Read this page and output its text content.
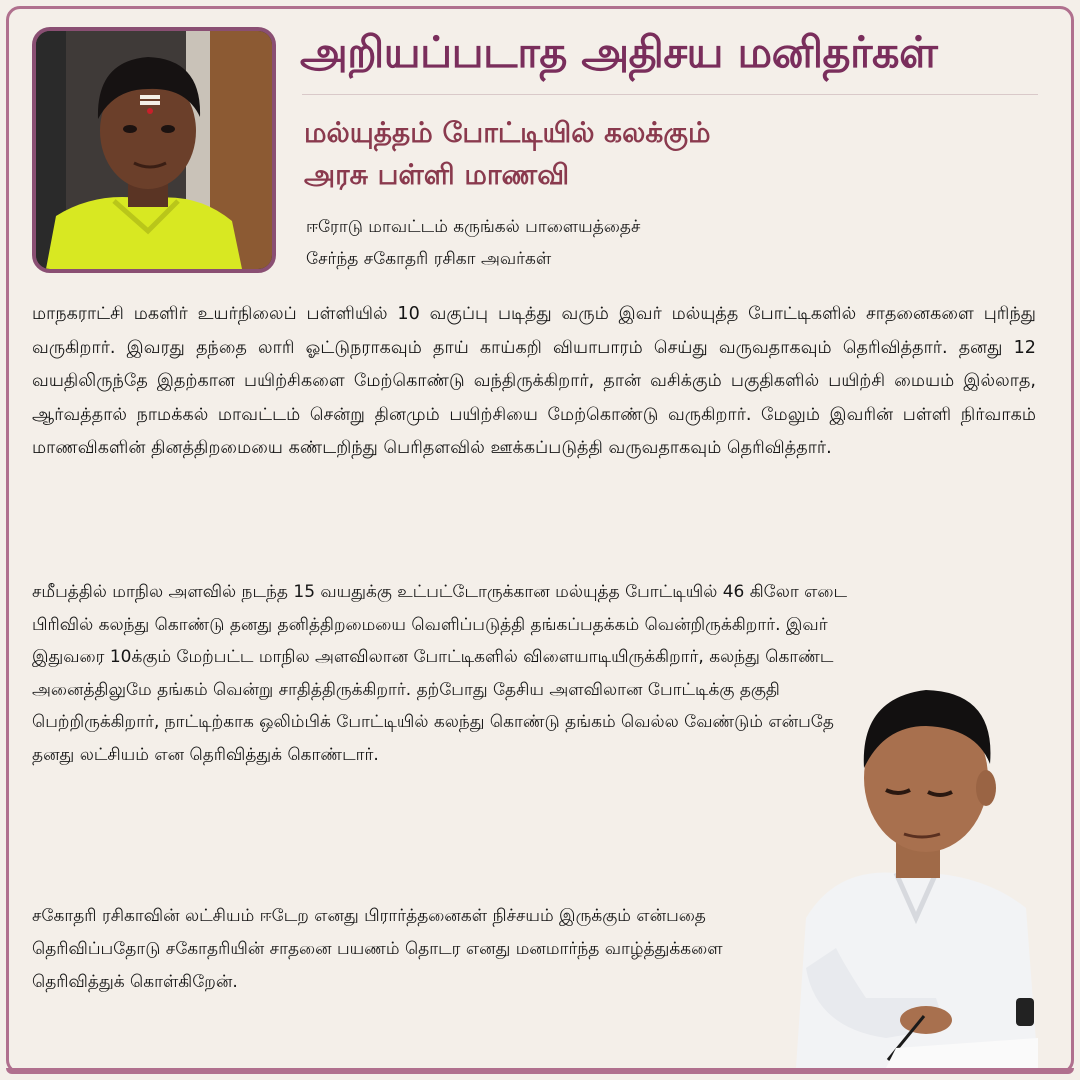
அறியப்படாத அதிசய மனிதர்கள்
மல்யுத்தம் போட்டியில் கலக்கும்
அரசு பள்ளி மாணவி
ஈரோடு மாவட்டம் கருங்கல் பாளையத்தைச்
சேர்ந்த சகோதரி ரசிகா அவர்கள்

மாநகராட்சி மகளிர் உயர்நிலைப் பள்ளியில் 10 வகுப்பு படித்து வரும் இவர் மல்யுத்த போட்டிகளில் சாதனைகளை புரிந்து வருகிறார். இவரது தந்தை லாரி ஓட்டுநராகவும் தாய் காய்கறி வியாபாரம் செய்து வருவதாகவும் தெரிவித்தார். தனது 12 வயதிலிருந்தே இதற்கான பயிற்சிகளை மேற்கொண்டு வந்திருக்கிறார், தான் வசிக்கும் பகுதிகளில் பயிற்சி மையம் இல்லாத, ஆர்வத்தால் நாமக்கல் மாவட்டம் சென்று தினமும் பயிற்சியை மேற்கொண்டு வருகிறார். மேலும் இவரின் பள்ளி நிர்வாகம் மாணவிகளின் தினத்திறமையை கண்டறிந்து பெரிதளவில் ஊக்கப்படுத்தி வருவதாகவும் தெரிவித்தார்.

சமீபத்தில் மாநில அளவில் நடந்த 15 வயதுக்கு உட்பட்டோருக்கான மல்யுத்த போட்டியில் 46 கிலோ எடை பிரிவில் கலந்து கொண்டு தனது தனித்திறமையை வெளிப்படுத்தி தங்கப்பதக்கம் வென்றிருக்கிறார். இவர் இதுவரை 10க்கும் மேற்பட்ட மாநில அளவிலான போட்டிகளில் விளையாடியிருக்கிறார், கலந்து கொண்ட அனைத்திலுமே தங்கம் வென்று சாதித்திருக்கிறார். தற்போது தேசிய அளவிலான போட்டிக்கு தகுதி பெற்றிருக்கிறார், நாட்டிற்காக ஒலிம்பிக் போட்டியில் கலந்து கொண்டு தங்கம் வெல்ல வேண்டும் என்பதே தனது லட்சியம் என தெரிவித்துக் கொண்டார்.

சகோதரி ரசிகாவின் லட்சியம் ஈடேற எனது பிரார்த்தனைகள் நிச்சயம் இருக்கும் என்பதை தெரிவிப்பதோடு சகோதரியின் சாதனை பயணம் தொடர எனது மனமார்ந்த வாழ்த்துக்களை தெரிவித்துக் கொள்கிறேன்.
